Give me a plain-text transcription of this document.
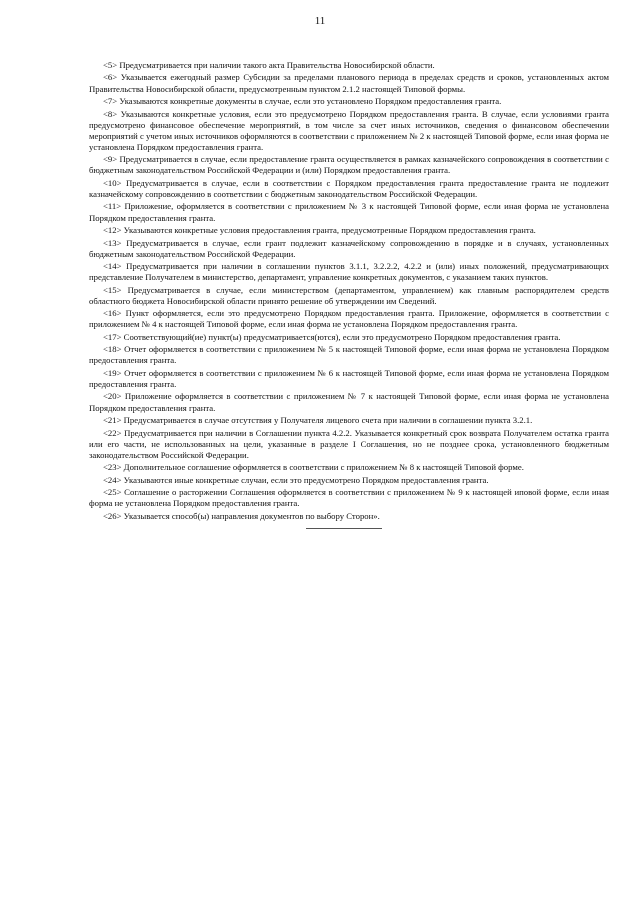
11

<5> Предусматривается при наличии такого акта Правительства Новосибирской области.

<6> Указывается ежегодный размер Субсидии за пределами планового периода в пределах средств и сроков, установленных актом Правительства Новосибирской области, предусмотренным пунктом 2.1.2 настоящей Типовой формы.

<7> Указываются конкретные документы в случае, если это установлено Порядком предоставления гранта.

<8> Указываются конкретные условия, если это предусмотрено Порядком предоставления гранта. В случае, если условиями гранта предусмотрено финансовое обеспечение мероприятий, в том числе за счет иных источников, сведения о финансовом обеспечении мероприятий с учетом иных источников оформляются в соответствии с приложением № 2 к настоящей Типовой форме, если иная форма не установлена Порядком предоставления гранта.

<9> Предусматривается в случае, если предоставление гранта осуществляется в рамках казначейского сопровождения в соответствии с бюджетным законодательством Российской Федерации и (или) Порядком предоставления гранта.

<10> Предусматривается в случае, если в соответствии с Порядком предоставления гранта предоставление гранта не подлежит казначейскому сопровождению в соответствии с бюджетным законодательством Российской Федерации.

<11> Приложение, оформляется в соответствии с приложением № 3 к настоящей Типовой форме, если иная форма не установлена Порядком предоставления гранта.

<12> Указываются конкретные условия предоставления гранта, предусмотренные Порядком предоставления гранта.

<13> Предусматривается в случае, если грант подлежит казначейскому сопровождению в порядке и в случаях, установленных бюджетным законодательством Российской Федерации.

<14> Предусматривается при наличии в соглашении пунктов 3.1.1, 3.2.2.2, 4.2.2 и (или) иных положений, предусматривающих представление Получателем в министерство, департамент, управление конкретных документов, с указанием таких пунктов.

<15> Предусматривается в случае, если министерством (департаментом, управлением) как главным распорядителем средств областного бюджета Новосибирской области принято решение об утверждении им Сведений.

<16> Пункт оформляется, если это предусмотрено Порядком предоставления гранта. Приложение, оформляется в соответствии с приложением № 4 к настоящей Типовой форме, если иная форма не установлена Порядком предоставления гранта.

<17> Соответствующий(ие) пункт(ы) предусматривается(ются), если это предусмотрено Порядком предоставления гранта.

<18> Отчет оформляется в соответствии с приложением № 5 к настоящей Типовой форме, если иная форма не установлена Порядком предоставления гранта.

<19> Отчет оформляется в соответствии с приложением № 6 к настоящей Типовой форме, если иная форма не установлена Порядком предоставления гранта.

<20> Приложение оформляется в соответствии с приложением № 7 к настоящей Типовой форме, если иная форма не установлена Порядком предоставления гранта.

<21> Предусматривается в случае отсутствия у Получателя лицевого счета при наличии в соглашении пункта 3.2.1.

<22> Предусматривается при наличии в Соглашении пункта 4.2.2. Указывается конкретный срок возврата Получателем остатка гранта или его части, не использованных на цели, указанные в разделе I Соглашения, но не позднее срока, установленного бюджетным законодательством Российской Федерации.

<23> Дополнительное соглашение оформляется в соответствии с приложением № 8 к настоящей Типовой форме.

<24> Указываются иные конкретные случаи, если это предусмотрено Порядком предоставления гранта.

<25> Соглашение о расторжении Соглашения оформляется в соответствии с приложением № 9 к настоящей иповой форме, если иная форма не установлена Порядком предоставления гранта.

<26> Указывается способ(ы) направления документов по выбору Сторон».
